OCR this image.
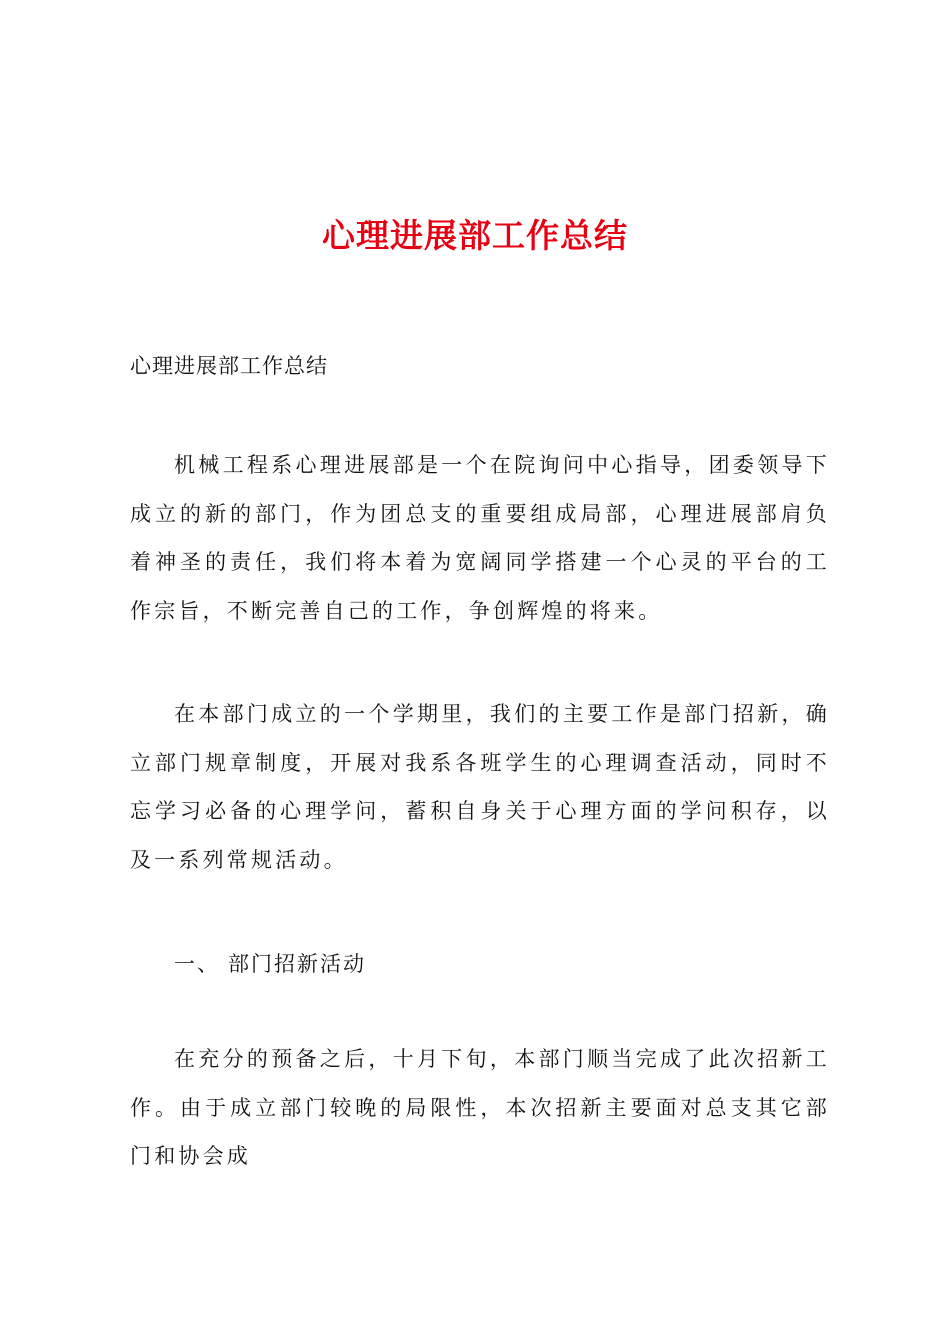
心理进展部工作总结

心理进展部工作总结

机械工程系心理进展部是一个在院询问中心指导，团委领导下成立的新的部门，作为团总支的重要组成局部，心理进展部肩负着神圣的责任，我们将本着为宽阔同学搭建一个心灵的平台的工作宗旨，不断完善自己的工作，争创辉煌的将来。

在本部门成立的一个学期里，我们的主要工作是部门招新，确立部门规章制度，开展对我系各班学生的心理调查活动，同时不忘学习必备的心理学问，蓄积自身关于心理方面的学问积存，以及一系列常规活动。

一、 部门招新活动

在充分的预备之后，十月下旬，本部门顺当完成了此次招新工作。由于成立部门较晚的局限性，本次招新主要面对总支其它部门和协会成
